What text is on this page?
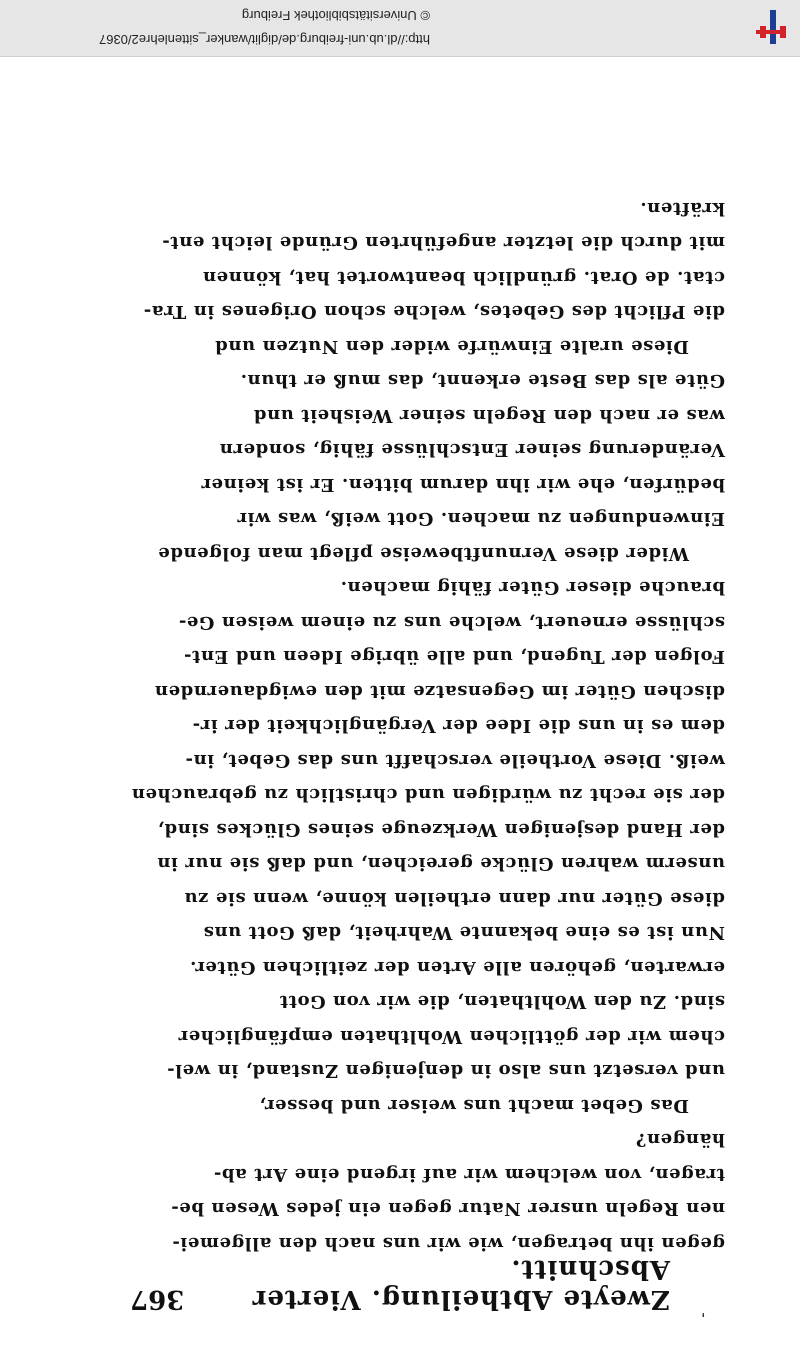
'
Zweyte Abtheilung. Vierter Abschnitt.
367
gegen ihn betragen, wie wir uns nach den allgemei-
nen Regeln unsrer Natur gegen ein jedes Wesen be-
tragen, von welchem wir auf irgend eine Art ab-
hängen?
Das Gebet macht uns weiser und besser,
und versetzt uns also in denjenigen Zustand, in wel-
chem wir der göttlichen Wohlthaten empfänglicher
sind. Zu den Wohlthaten, die wir von Gott
erwarten, gehören alle Arten der zeitlichen Güter.
Nun ist es eine bekannte Wahrheit, daß Gott uns
diese Güter nur dann ertheilen könne, wenn sie zu
unserm wahren Glücke gereichen, und daß sie nur in
der Hand desjenigen Werkzeuge seines Glückes sind,
der sie recht zu würdigen und christlich zu gebrauchen
weiß. Diese Vortheile verschafft uns das Gebet, in-
dem es in uns die Idee der Vergänglichkeit der ir-
dischen Güter im Gegensatze mit den ewigdauernden
Folgen der Tugend, und alle übrige Ideen und Ent-
schlüsse erneuert, welche uns zu einem weisen Ge-
brauche dieser Güter fähig machen.
Wider diese Vernunftbeweise pflegt man folgende
Einwendungen zu machen. Gott weiß, was wir
bedürfen, ehe wir ihn darum bitten. Er ist keiner
Veränderung seiner Entschlüsse fähig, sondern
was er nach den Regeln seiner Weisheit und
Güte als das Beste erkennt, das muß er thun.
Diese uralte Einwürfe wider den Nutzen und
die Pflicht des Gebetes, welche schon Origenes in Tra-
ctat. de Orat. gründlich beantwortet hat, können
mit durch die letzter angeführten Gründe leicht ent-
kräften.
http://dl.ub.uni-freiburg.de/diglit/wanker_sittenlehre2/0367
© Universitätsbibliothek Freiburg
